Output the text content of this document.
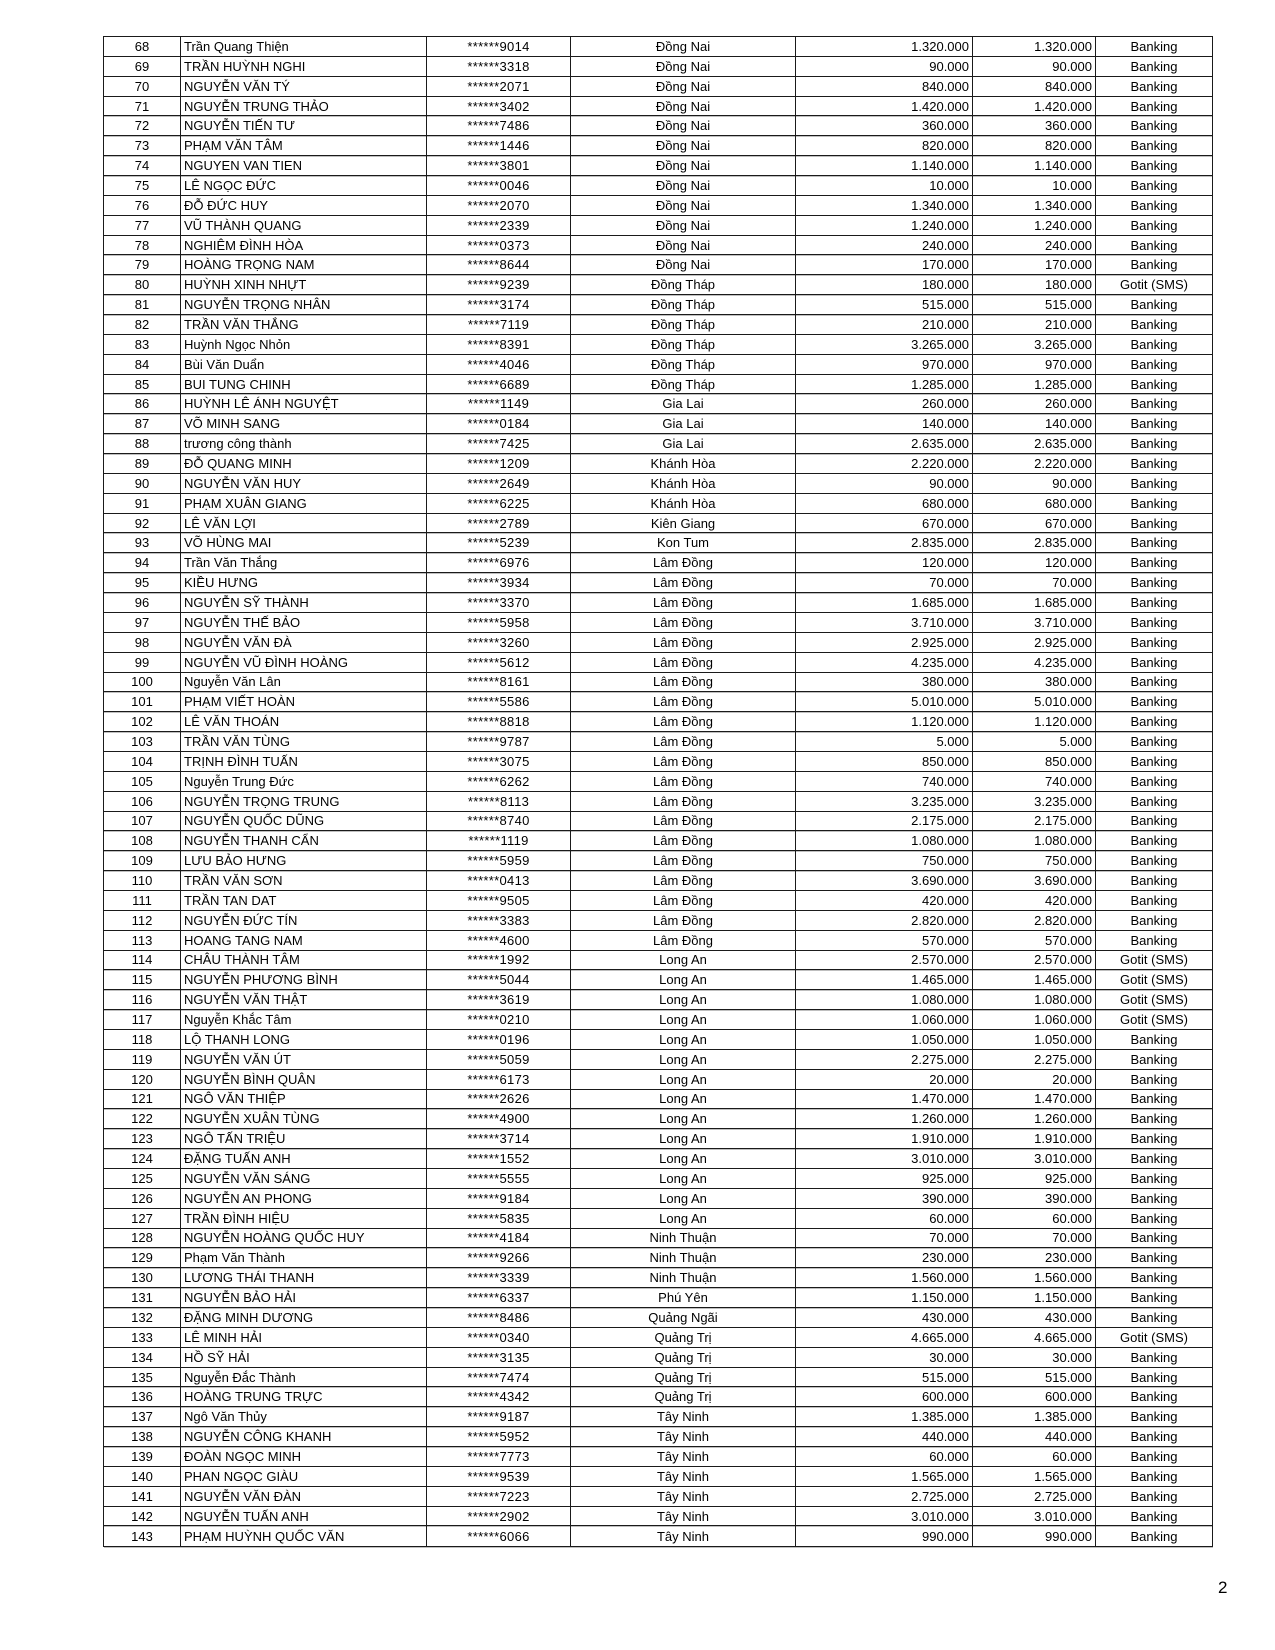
68	Trần Quang Thiện	******9014	Đồng Nai	1.320.000	1.320.000	Banking
69	TRẦN HUỲNH NGHI	******3318	Đồng Nai	90.000	90.000	Banking
70	NGUYỄN VĂN TÝ	******2071	Đồng Nai	840.000	840.000	Banking
71	NGUYỄN TRUNG THẢO	******3402	Đồng Nai	1.420.000	1.420.000	Banking
72	NGUYỄN TIẾN TƯ	******7486	Đồng Nai	360.000	360.000	Banking
73	PHẠM VĂN TÂM	******1446	Đồng Nai	820.000	820.000	Banking
74	NGUYEN VAN TIEN	******3801	Đồng Nai	1.140.000	1.140.000	Banking
75	LÊ NGỌC ĐỨC	******0046	Đồng Nai	10.000	10.000	Banking
76	ĐỖ ĐỨC HUY	******2070	Đồng Nai	1.340.000	1.340.000	Banking
77	VŨ THÀNH QUANG	******2339	Đồng Nai	1.240.000	1.240.000	Banking
78	NGHIÊM ĐÌNH HÒA	******0373	Đồng Nai	240.000	240.000	Banking
79	HOÀNG TRỌNG NAM	******8644	Đồng Nai	170.000	170.000	Banking
80	HUỲNH XINH NHỰT	******9239	Đồng Tháp	180.000	180.000	Gotit (SMS)
81	NGUYỄN TRỌNG NHÂN	******3174	Đồng Tháp	515.000	515.000	Banking
82	TRẦN VĂN THẮNG	******7119	Đồng Tháp	210.000	210.000	Banking
83	Huỳnh Ngọc Nhỏn	******8391	Đồng Tháp	3.265.000	3.265.000	Banking
84	Bùi Văn Duẩn	******4046	Đồng Tháp	970.000	970.000	Banking
85	BUI TUNG CHINH	******6689	Đồng Tháp	1.285.000	1.285.000	Banking
86	HUỲNH LÊ ÁNH NGUYỆT	******1149	Gia Lai	260.000	260.000	Banking
87	VÕ MINH SANG	******0184	Gia Lai	140.000	140.000	Banking
88	trương công thành	******7425	Gia Lai	2.635.000	2.635.000	Banking
89	ĐỖ QUANG MINH	******1209	Khánh Hòa	2.220.000	2.220.000	Banking
90	NGUYỄN VĂN HUY	******2649	Khánh Hòa	90.000	90.000	Banking
91	PHẠM XUÂN GIANG	******6225	Khánh Hòa	680.000	680.000	Banking
92	LÊ VĂN LỢI	******2789	Kiên Giang	670.000	670.000	Banking
93	VÕ HÙNG MAI	******5239	Kon Tum	2.835.000	2.835.000	Banking
94	Trần Văn Thắng	******6976	Lâm Đồng	120.000	120.000	Banking
95	KIỀU HƯNG	******3934	Lâm Đồng	70.000	70.000	Banking
96	NGUYỄN SỸ THÀNH	******3370	Lâm Đồng	1.685.000	1.685.000	Banking
97	NGUYỄN THẾ BẢO	******5958	Lâm Đồng	3.710.000	3.710.000	Banking
98	NGUYỄN VĂN ĐÀ	******3260	Lâm Đồng	2.925.000	2.925.000	Banking
99	NGUYỄN VŨ ĐÌNH HOÀNG	******5612	Lâm Đồng	4.235.000	4.235.000	Banking
100	Nguyễn Văn Lân	******8161	Lâm Đồng	380.000	380.000	Banking
101	PHẠM VIẾT HOÀN	******5586	Lâm Đồng	5.010.000	5.010.000	Banking
102	LÊ VĂN THOÁN	******8818	Lâm Đồng	1.120.000	1.120.000	Banking
103	TRẦN VĂN TÙNG	******9787	Lâm Đồng	5.000	5.000	Banking
104	TRỊNH ĐÌNH TUẤN	******3075	Lâm Đồng	850.000	850.000	Banking
105	Nguyễn Trung Đức	******6262	Lâm Đồng	740.000	740.000	Banking
106	NGUYỄN TRỌNG TRUNG	******8113	Lâm Đồng	3.235.000	3.235.000	Banking
107	NGUYỄN QUỐC DŨNG	******8740	Lâm Đồng	2.175.000	2.175.000	Banking
108	NGUYỄN THANH CẨN	******1119	Lâm Đồng	1.080.000	1.080.000	Banking
109	LƯU BẢO HƯNG	******5959	Lâm Đồng	750.000	750.000	Banking
110	TRẦN VĂN SƠN	******0413	Lâm Đồng	3.690.000	3.690.000	Banking
111	TRẦN TAN DAT	******9505	Lâm Đồng	420.000	420.000	Banking
112	NGUYỄN ĐỨC TÍN	******3383	Lâm Đồng	2.820.000	2.820.000	Banking
113	HOANG TANG NAM	******4600	Lâm Đồng	570.000	570.000	Banking
114	CHÂU THÀNH TÂM	******1992	Long An	2.570.000	2.570.000	Gotit (SMS)
115	NGUYỄN PHƯƠNG BÌNH	******5044	Long An	1.465.000	1.465.000	Gotit (SMS)
116	NGUYỄN VĂN THẬT	******3619	Long An	1.080.000	1.080.000	Gotit (SMS)
117	Nguyễn Khắc Tâm	******0210	Long An	1.060.000	1.060.000	Gotit (SMS)
118	LỘ THANH LONG	******0196	Long An	1.050.000	1.050.000	Banking
119	NGUYỄN VĂN ÚT	******5059	Long An	2.275.000	2.275.000	Banking
120	NGUYỄN BÌNH QUÂN	******6173	Long An	20.000	20.000	Banking
121	NGÔ VĂN THIỆP	******2626	Long An	1.470.000	1.470.000	Banking
122	NGUYỄN XUÂN TÙNG	******4900	Long An	1.260.000	1.260.000	Banking
123	NGÔ TẤN TRIỆU	******3714	Long An	1.910.000	1.910.000	Banking
124	ĐẶNG TUẤN ANH	******1552	Long An	3.010.000	3.010.000	Banking
125	NGUYỄN VĂN SÁNG	******5555	Long An	925.000	925.000	Banking
126	NGUYỄN AN PHONG	******9184	Long An	390.000	390.000	Banking
127	TRẦN ĐÌNH HIỆU	******5835	Long An	60.000	60.000	Banking
128	NGUYỄN HOÀNG QUỐC HUY	******4184	Ninh Thuận	70.000	70.000	Banking
129	Phạm Văn Thành	******9266	Ninh Thuận	230.000	230.000	Banking
130	LƯƠNG THÁI THANH	******3339	Ninh Thuận	1.560.000	1.560.000	Banking
131	NGUYỄN BẢO HẢI	******6337	Phú Yên	1.150.000	1.150.000	Banking
132	ĐẶNG MINH DƯƠNG	******8486	Quảng Ngãi	430.000	430.000	Banking
133	LÊ MINH HẢI	******0340	Quảng Trị	4.665.000	4.665.000	Gotit (SMS)
134	HỒ SỸ HẢI	******3135	Quảng Trị	30.000	30.000	Banking
135	Nguyễn Đắc Thành	******7474	Quảng Trị	515.000	515.000	Banking
136	HOÀNG TRUNG TRỰC	******4342	Quảng Trị	600.000	600.000	Banking
137	Ngô Văn Thủy	******9187	Tây Ninh	1.385.000	1.385.000	Banking
138	NGUYỄN CÔNG KHANH	******5952	Tây Ninh	440.000	440.000	Banking
139	ĐOÀN NGỌC MINH	******7773	Tây Ninh	60.000	60.000	Banking
140	PHAN NGỌC GIÀU	******9539	Tây Ninh	1.565.000	1.565.000	Banking
141	NGUYỄN VĂN ĐÀN	******7223	Tây Ninh	2.725.000	2.725.000	Banking
142	NGUYỄN TUẤN ANH	******2902	Tây Ninh	3.010.000	3.010.000	Banking
143	PHẠM HUỲNH QUỐC VĂN	******6066	Tây Ninh	990.000	990.000	Banking
2
